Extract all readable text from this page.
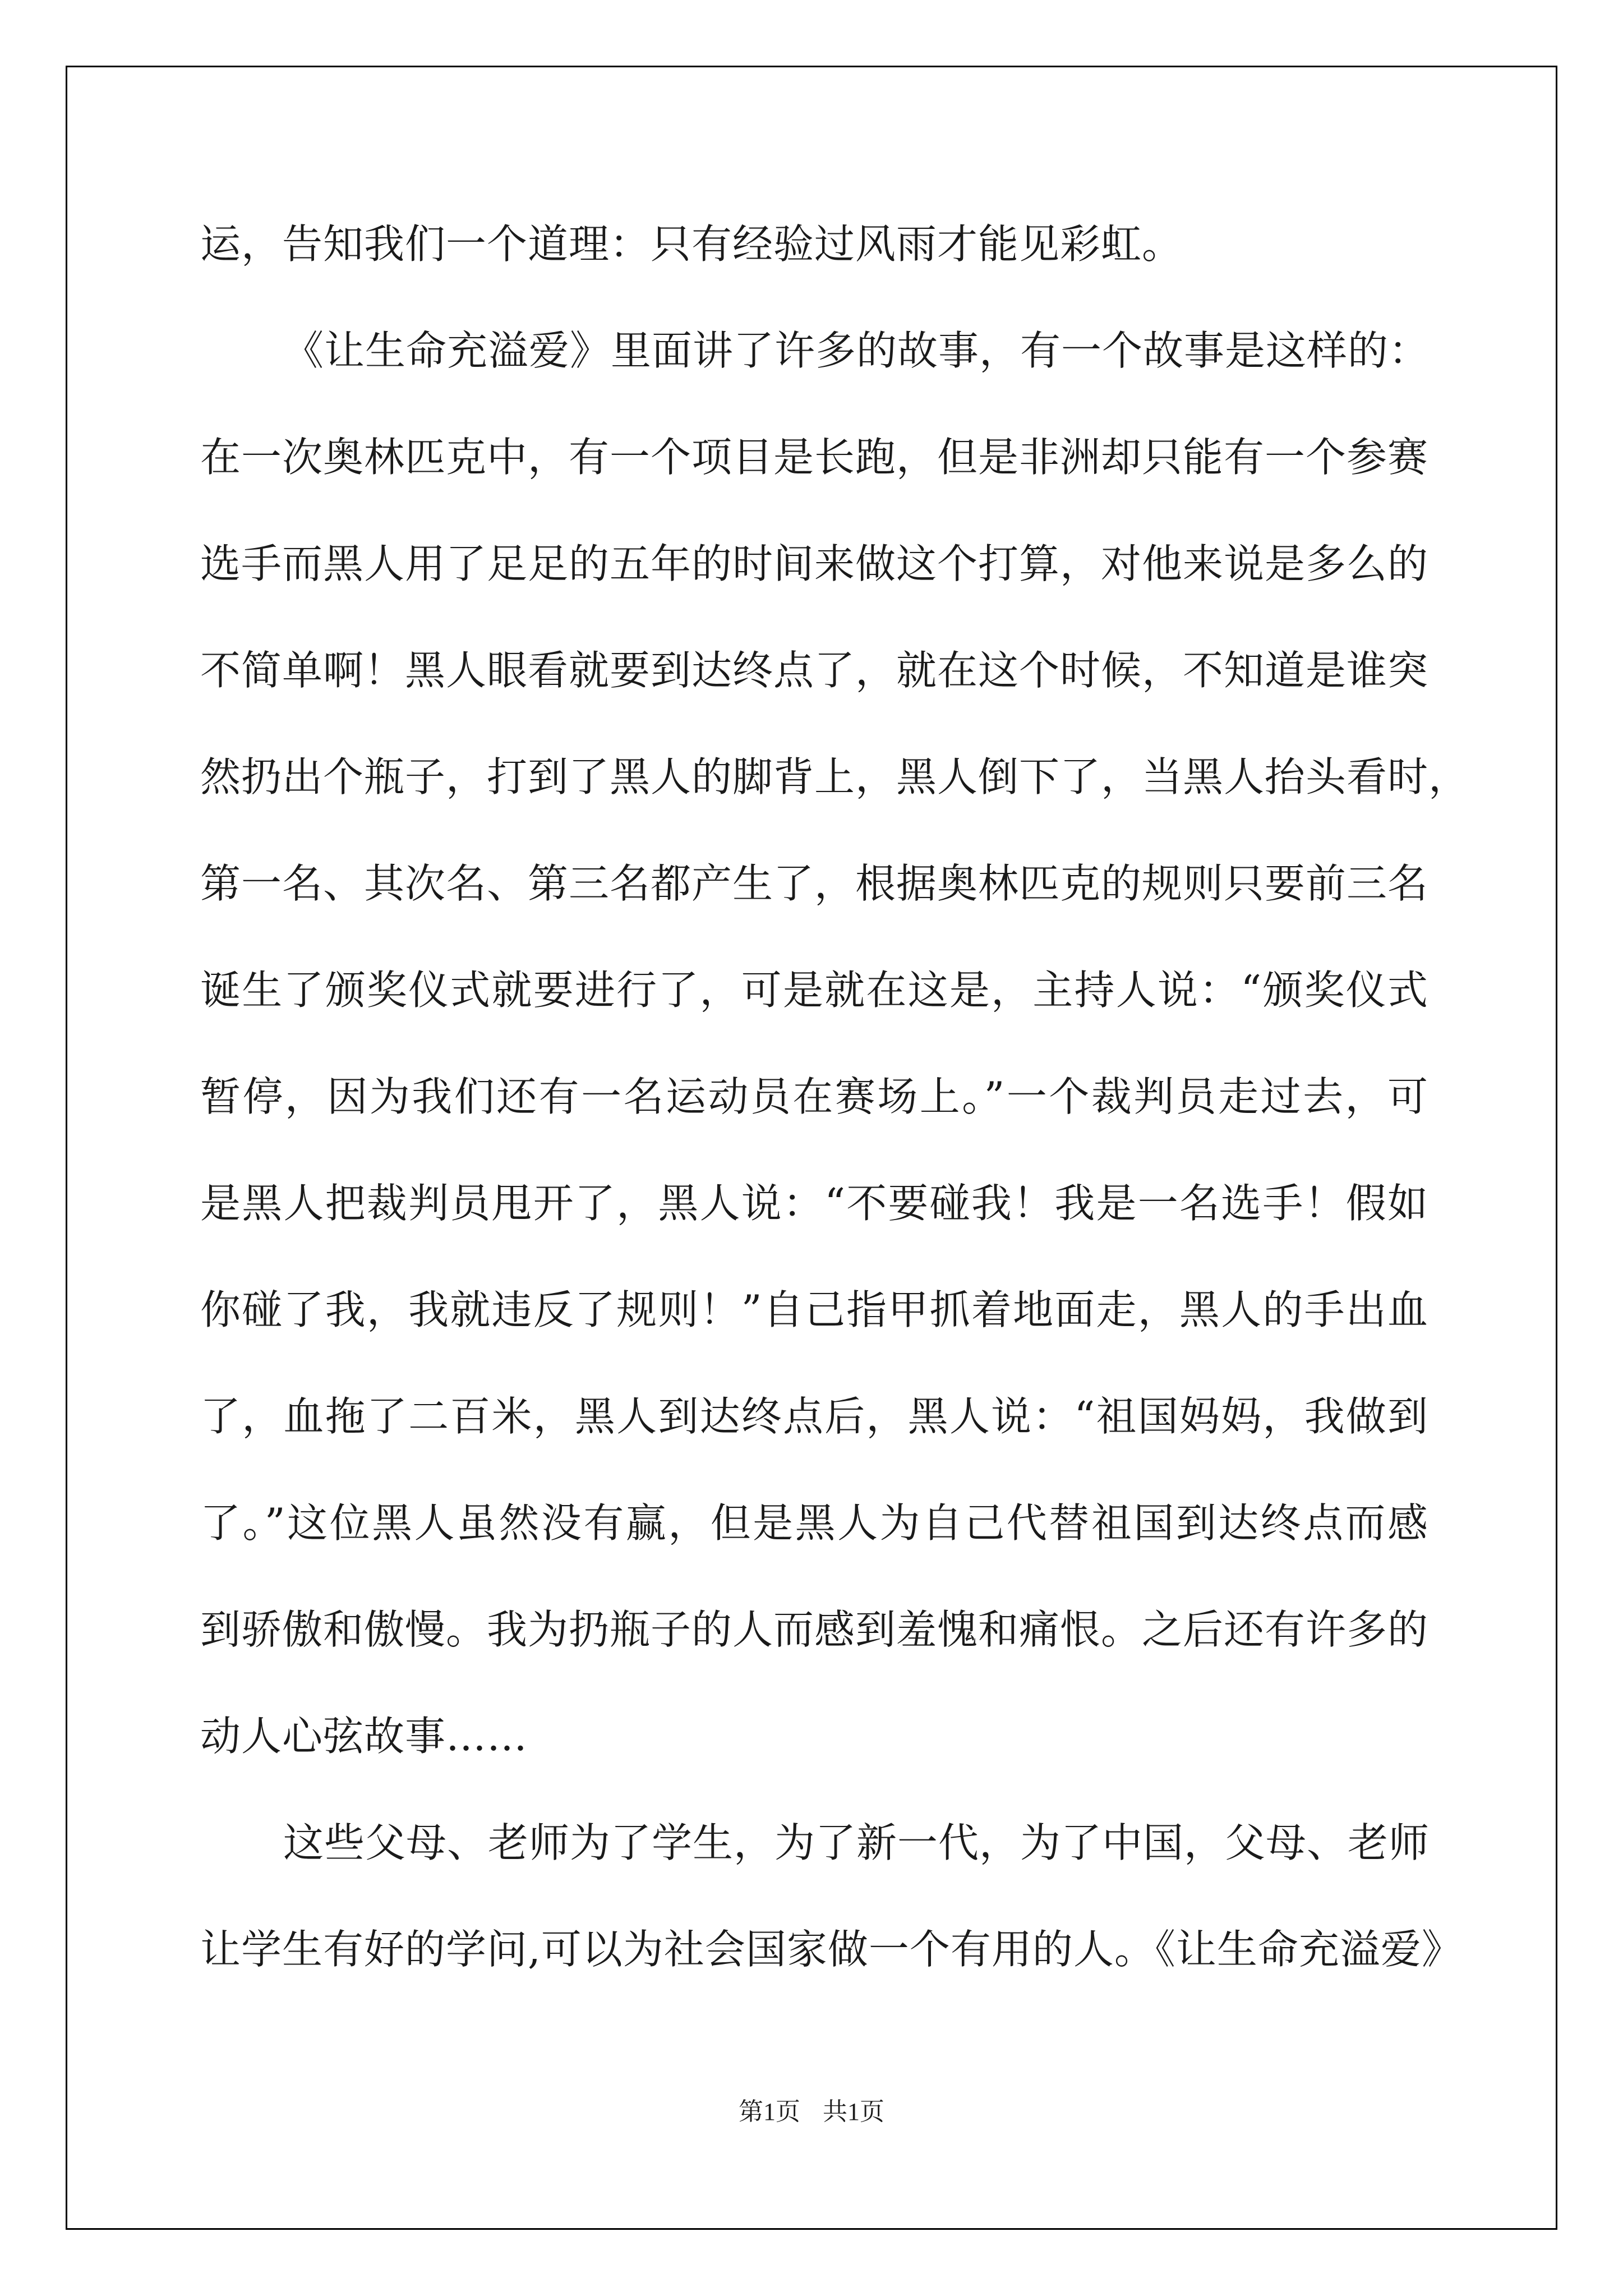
运，告知我们一个道理：只有经验过风雨才能见彩虹。
《让生命充溢爱》里面讲了许多的故事，有一个故事是这样的：
在一次奥林匹克中，有一个项目是长跑，但是非洲却只能有一个参赛
选手而黑人用了足足的五年的时间来做这个打算，对他来说是多么的
不简单啊！黑人眼看就要到达终点了，就在这个时候，不知道是谁突
然扔出个瓶子，打到了黑人的脚背上，黑人倒下了，当黑人抬头看时，
第一名、其次名、第三名都产生了，根据奥林匹克的规则只要前三名
诞生了颁奖仪式就要进行了，可是就在这是，主持人说：“颁奖仪式
暂停，因为我们还有一名运动员在赛场上。”一个裁判员走过去，可
是黑人把裁判员甩开了，黑人说：“不要碰我！我是一名选手！假如
你碰了我，我就违反了规则！”自己指甲抓着地面走，黑人的手出血
了，血拖了二百米，黑人到达终点后，黑人说：“祖国妈妈，我做到
了。”这位黑人虽然没有赢，但是黑人为自己代替祖国到达终点而感
到骄傲和傲慢。我为扔瓶子的人而感到羞愧和痛恨。之后还有许多的
动人心弦故事……
这些父母、老师为了学生，为了新一代，为了中国，父母、老师
让学生有好的学问,可以为社会国家做一个有用的人。《让生命充溢爱》
第1页 共1页
